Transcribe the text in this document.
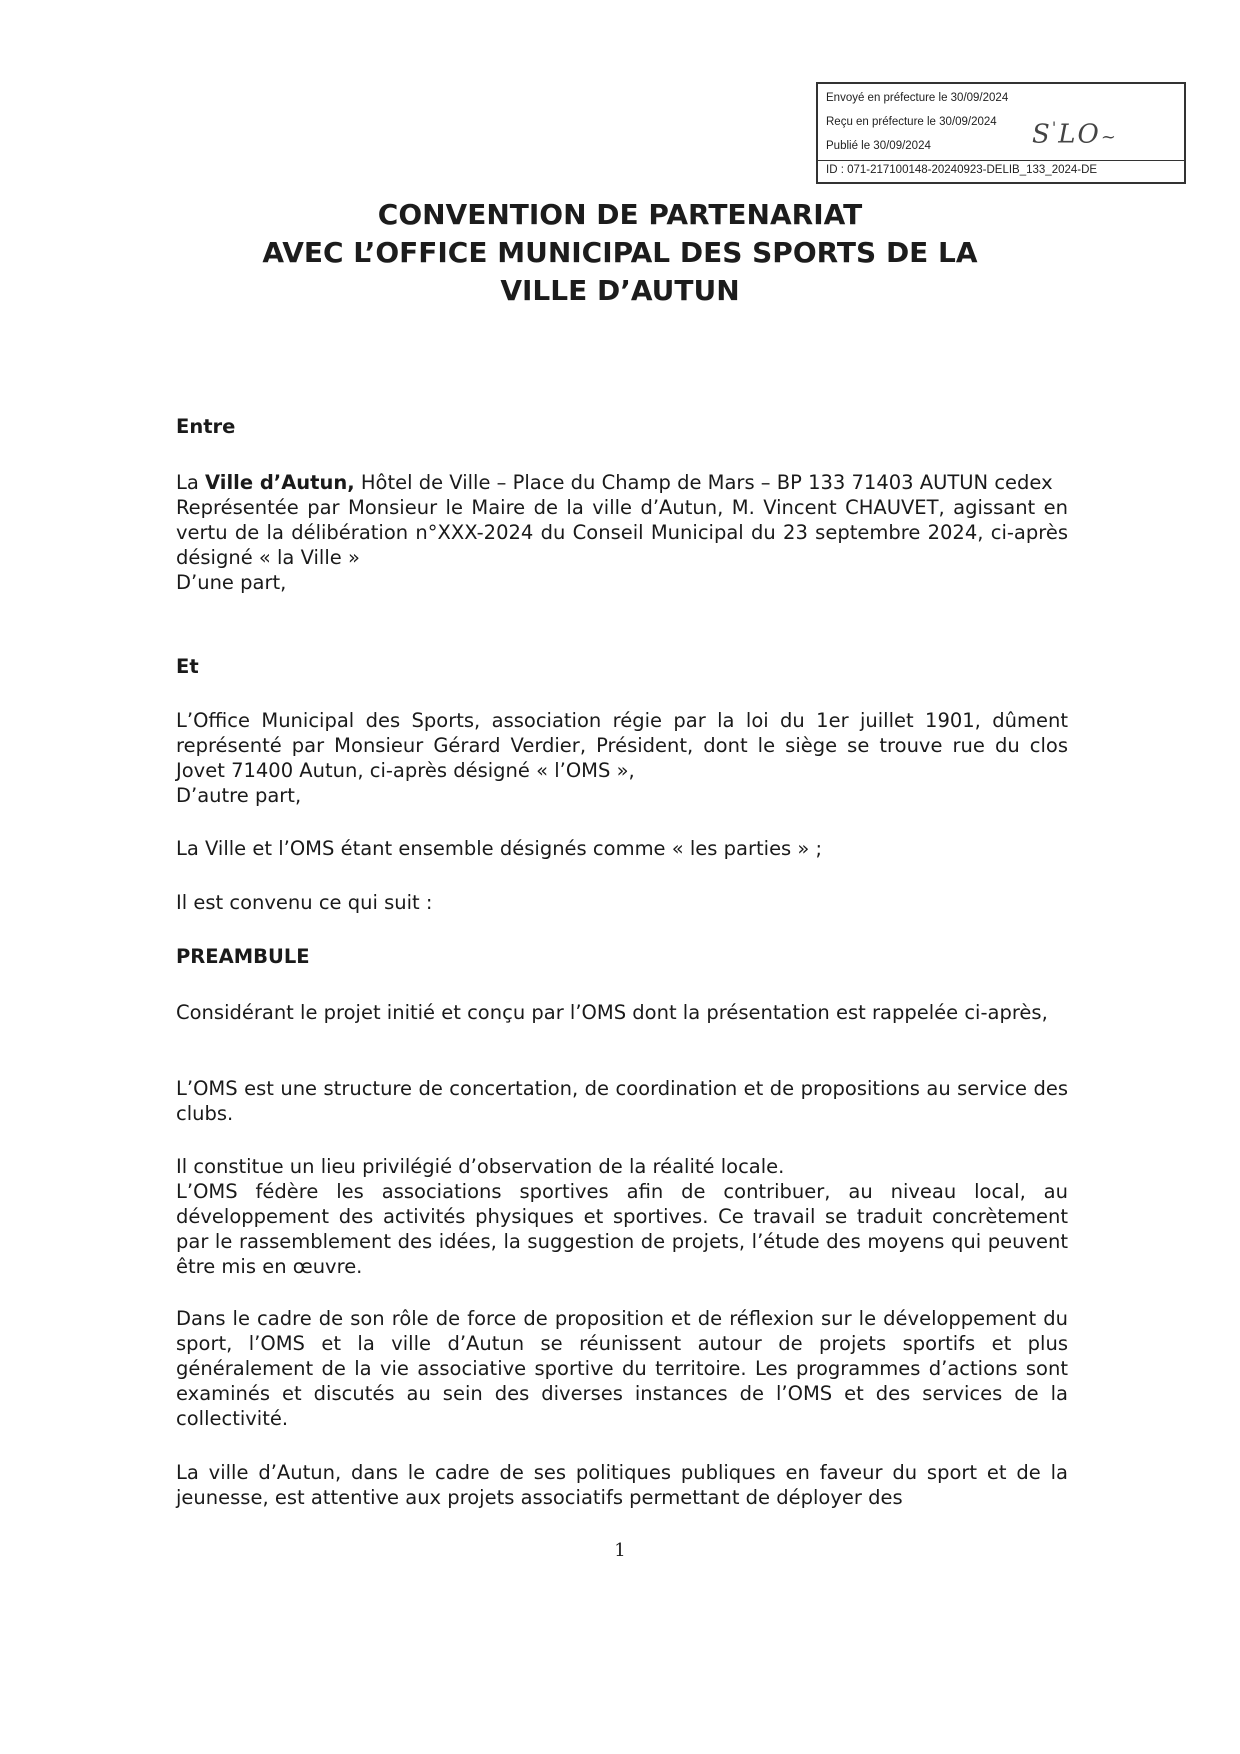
Envoyé en préfecture le 30/09/2024
Reçu en préfecture le 30/09/2024
Publié le 30/09/2024	S'LO~
ID : 071-217100148-20240923-DELIB_133_2024-DE
CONVENTION DE PARTENARIAT
AVEC L’OFFICE MUNICIPAL DES SPORTS DE LA
VILLE D’AUTUN

Entre

La Ville d’Autun, Hôtel de Ville – Place du Champ de Mars – BP 133 71403 AUTUN cedex
Représentée par Monsieur le Maire de la ville d’Autun, M. Vincent CHAUVET, agissant en vertu de la délibération n°XXX-2024 du Conseil Municipal du 23 septembre 2024, ci-après désigné « la Ville »
D’une part,

Et

L’Office Municipal des Sports, association régie par la loi du 1er juillet 1901, dûment représenté par Monsieur Gérard Verdier, Président, dont le siège se trouve rue du clos Jovet 71400 Autun, ci-après désigné « l’OMS »,
D’autre part,

La Ville et l’OMS étant ensemble désignés comme « les parties » ;

Il est convenu ce qui suit :

PREAMBULE

Considérant le projet initié et conçu par l’OMS dont la présentation est rappelée ci-après,

L’OMS est une structure de concertation, de coordination et de propositions au service des clubs.

Il constitue un lieu privilégié d’observation de la réalité locale.
L’OMS fédère les associations sportives afin de contribuer, au niveau local, au développement des activités physiques et sportives. Ce travail se traduit concrètement par le rassemblement des idées, la suggestion de projets, l’étude des moyens qui peuvent être mis en œuvre.

Dans le cadre de son rôle de force de proposition et de réflexion sur le développement du sport, l’OMS et la ville d’Autun se réunissent autour de projets sportifs et plus généralement de la vie associative sportive du territoire. Les programmes d’actions sont examinés et discutés au sein des diverses instances de l’OMS et des services de la collectivité.

La ville d’Autun, dans le cadre de ses politiques publiques en faveur du sport et de la jeunesse, est attentive aux projets associatifs permettant de déployer des

1
